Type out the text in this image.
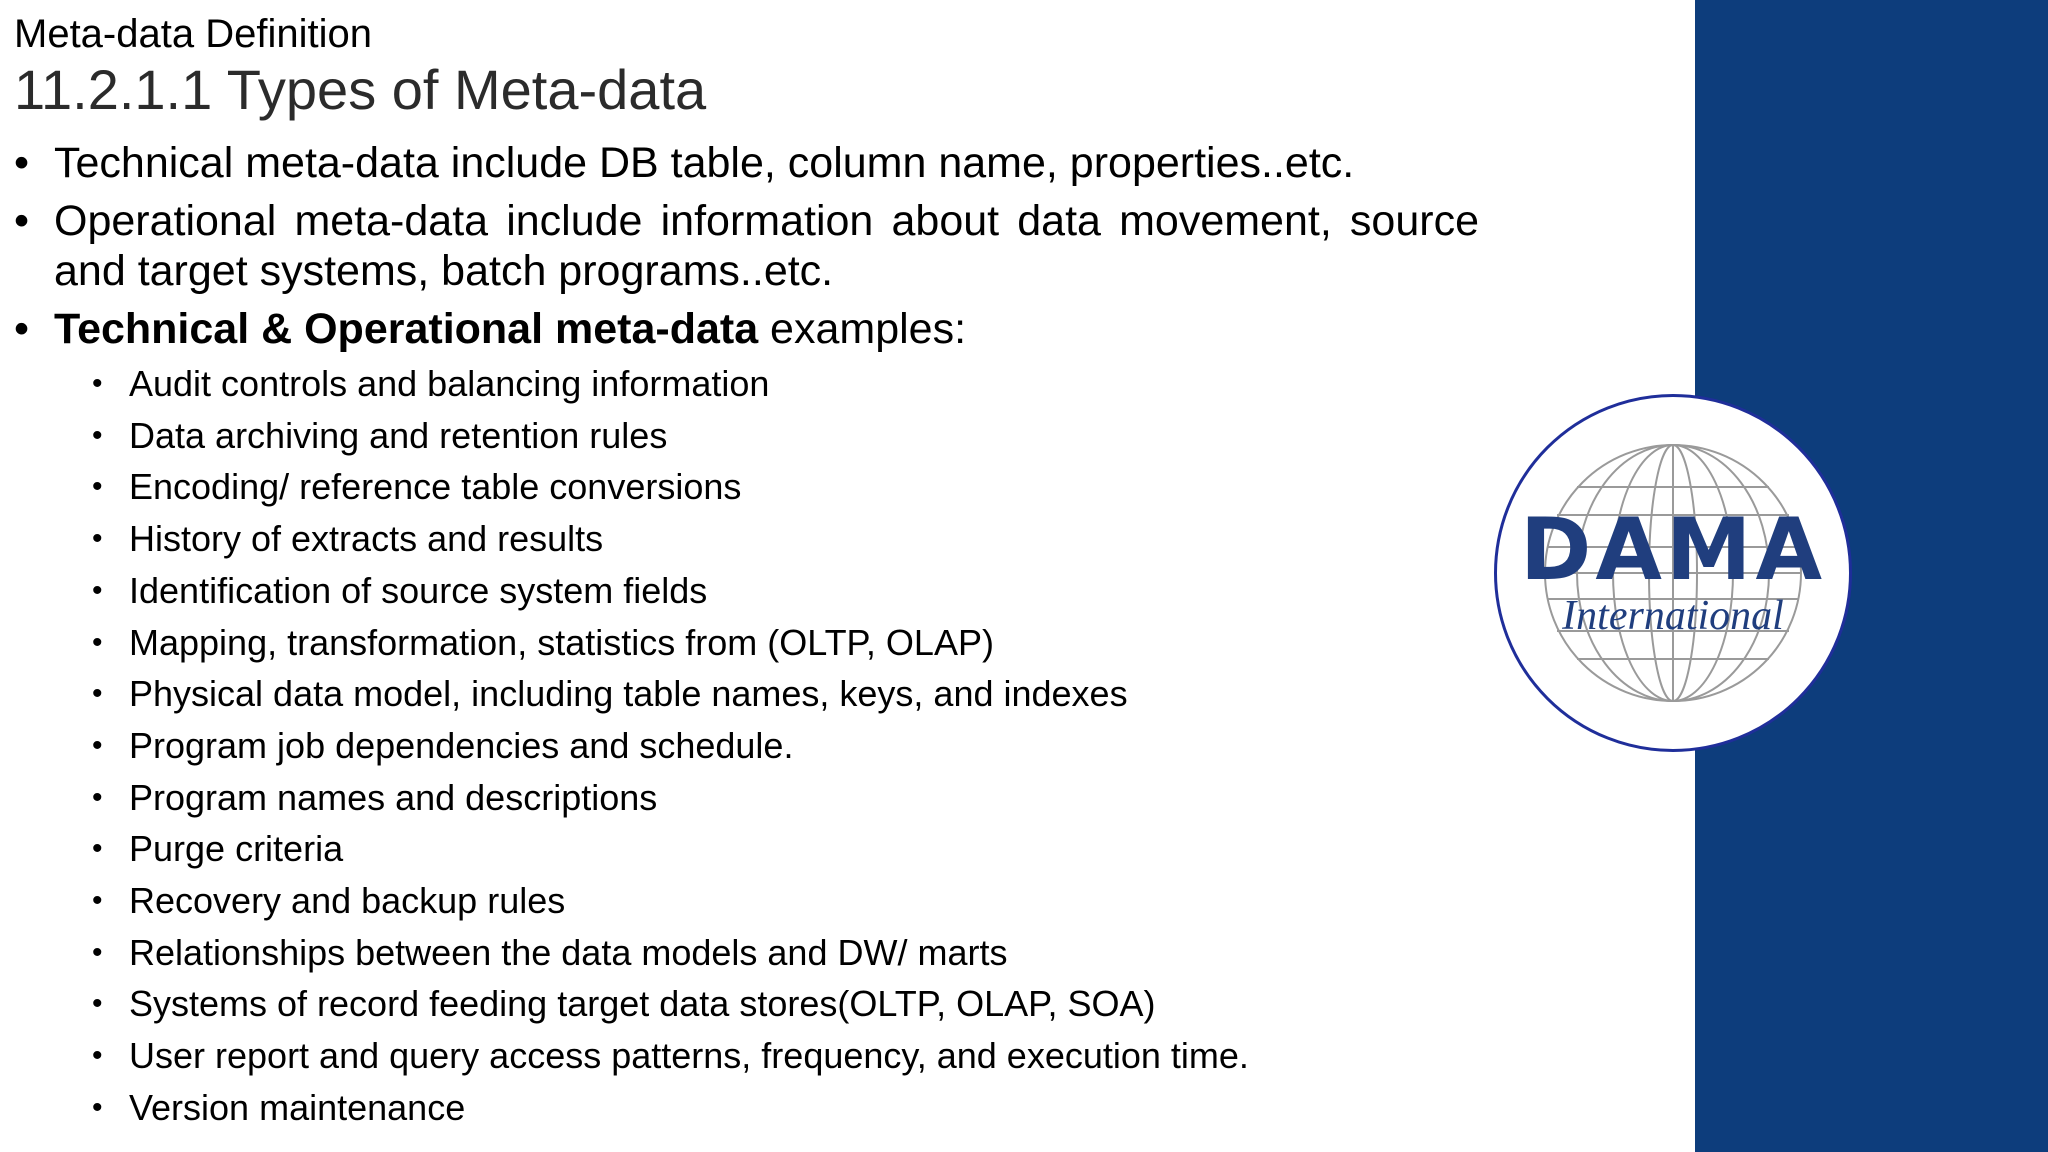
Meta-data Definition
11.2.1.1 Types of Meta-data
• Technical meta-data include DB table, column name, properties..etc.
• Operational meta-data include information about data movement, source and target systems, batch programs..etc.
• Technical & Operational meta-data examples:
• Audit controls and balancing information
• Data archiving and retention rules
• Encoding/ reference table conversions
• History of extracts and results
• Identification of source system fields
• Mapping, transformation, statistics from (OLTP, OLAP)
• Physical data model, including table names, keys, and indexes
• Program job dependencies and schedule.
• Program names and descriptions
• Purge criteria
• Recovery and backup rules
• Relationships between the data models and DW/ marts
• Systems of record feeding target data stores(OLTP, OLAP, SOA)
• User report and query access patterns, frequency, and execution time.
• Version maintenance
DAMA
International
